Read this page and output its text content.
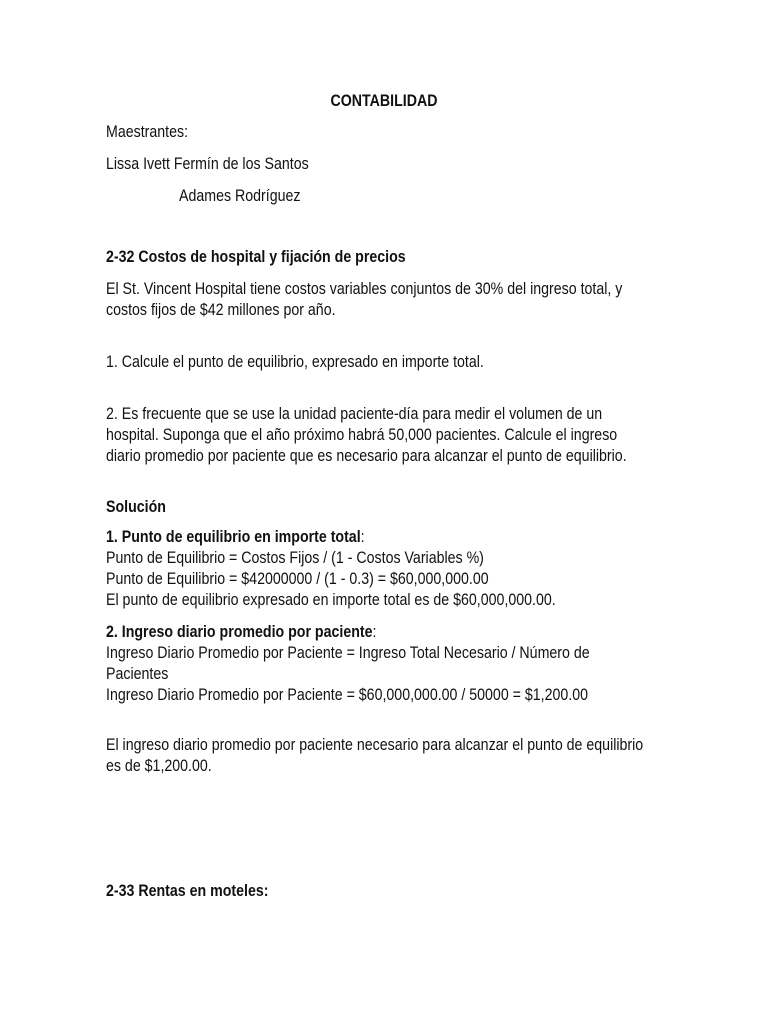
CONTABILIDAD
Maestrantes:
Lissa Ivett Fermín de los Santos
Adames Rodríguez
2-32 Costos de hospital y fijación de precios
El St. Vincent Hospital tiene costos variables conjuntos de 30% del ingreso total, y
costos fijos de $42 millones por año.
1. Calcule el punto de equilibrio, expresado en importe total.
2. Es frecuente que se use la unidad paciente-día para medir el volumen de un
hospital. Suponga que el año próximo habrá 50,000 pacientes. Calcule el ingreso
diario promedio por paciente que es necesario para alcanzar el punto de equilibrio.
Solución
1. Punto de equilibrio en importe total:
Punto de Equilibrio = Costos Fijos / (1 - Costos Variables %)
Punto de Equilibrio = $42000000 / (1 - 0.3) = $60,000,000.00
El punto de equilibrio expresado en importe total es de $60,000,000.00.
2. Ingreso diario promedio por paciente:
Ingreso Diario Promedio por Paciente = Ingreso Total Necesario / Número de
Pacientes
Ingreso Diario Promedio por Paciente = $60,000,000.00 / 50000 = $1,200.00
El ingreso diario promedio por paciente necesario para alcanzar el punto de equilibrio
es de $1,200.00.
2-33 Rentas en moteles:
